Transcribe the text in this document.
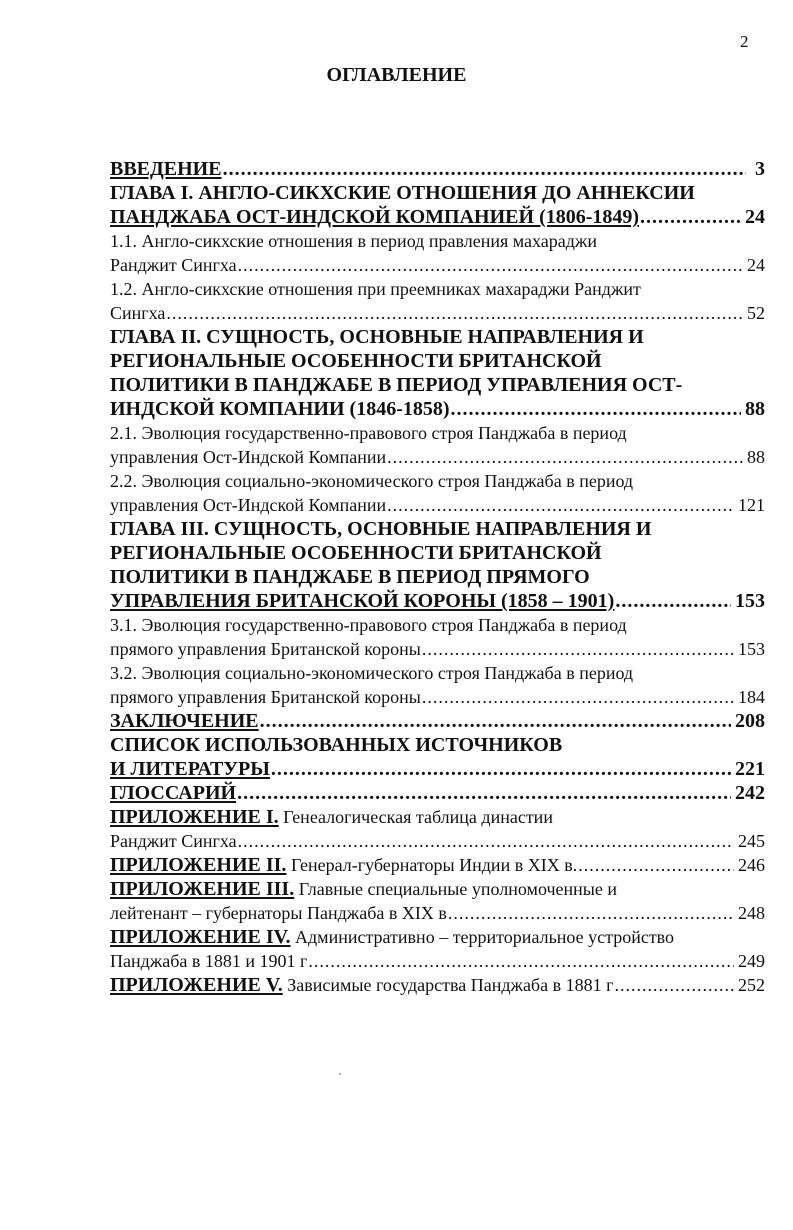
2
ОГЛАВЛЕНИЕ
ВВЕДЕНИЕ .....	3
ГЛАВА I. АНГЛО-СИКХСКИЕ ОТНОШЕНИЯ ДО АННЕКСИИ
ПАНДЖАБА ОСТ-ИНДСКОЙ КОМПАНИЕЙ (1806-1849) .....	24
1.1. Англо-сикхские отношения в период правления махараджи
Ранджит Сингха .....	24
1.2. Англо-сикхские отношения при преемниках махараджи Ранджит
Сингха .....	52
ГЛАВА II. СУЩНОСТЬ, ОСНОВНЫЕ НАПРАВЛЕНИЯ И
РЕГИОНАЛЬНЫЕ ОСОБЕННОСТИ БРИТАНСКОЙ
ПОЛИТИКИ В ПАНДЖАБЕ В ПЕРИОД УПРАВЛЕНИЯ ОСТ-
ИНДСКОЙ КОМПАНИИ (1846-1858) .....	88
2.1. Эволюция государственно-правового строя Панджаба в период
управления Ост-Индской Компании .....	88
2.2. Эволюция социально-экономического строя Панджаба в период
управления Ост-Индской Компании .....	121
ГЛАВА III. СУЩНОСТЬ, ОСНОВНЫЕ НАПРАВЛЕНИЯ И
РЕГИОНАЛЬНЫЕ ОСОБЕННОСТИ БРИТАНСКОЙ
ПОЛИТИКИ В ПАНДЖАБЕ В ПЕРИОД ПРЯМОГО
УПРАВЛЕНИЯ БРИТАНСКОЙ КОРОНЫ (1858 – 1901) .....	153
3.1. Эволюция государственно-правового строя Панджаба в период
прямого управления Британской короны .....	153
3.2. Эволюция социально-экономического строя Панджаба в период
прямого управления Британской короны .....	184
ЗАКЛЮЧЕНИЕ .....	208
СПИСОК ИСПОЛЬЗОВАННЫХ ИСТОЧНИКОВ
И ЛИТЕРАТУРЫ .....	221
ГЛОССАРИЙ .....	242
ПРИЛОЖЕНИЕ I. Генеалогическая таблица династии
Ранджит Сингха .....	245
ПРИЛОЖЕНИЕ II. Генерал-губернаторы Индии в XIX в. .....	246
ПРИЛОЖЕНИЕ III. Главные специальные уполномоченные и
лейтенант – губернаторы Панджаба в XIX в .....	248
ПРИЛОЖЕНИЕ IV. Административно – территориальное устройство
Панджаба в 1881 и 1901 г .....	249
ПРИЛОЖЕНИЕ V. Зависимые государства Панджаба в 1881 г .....	252
